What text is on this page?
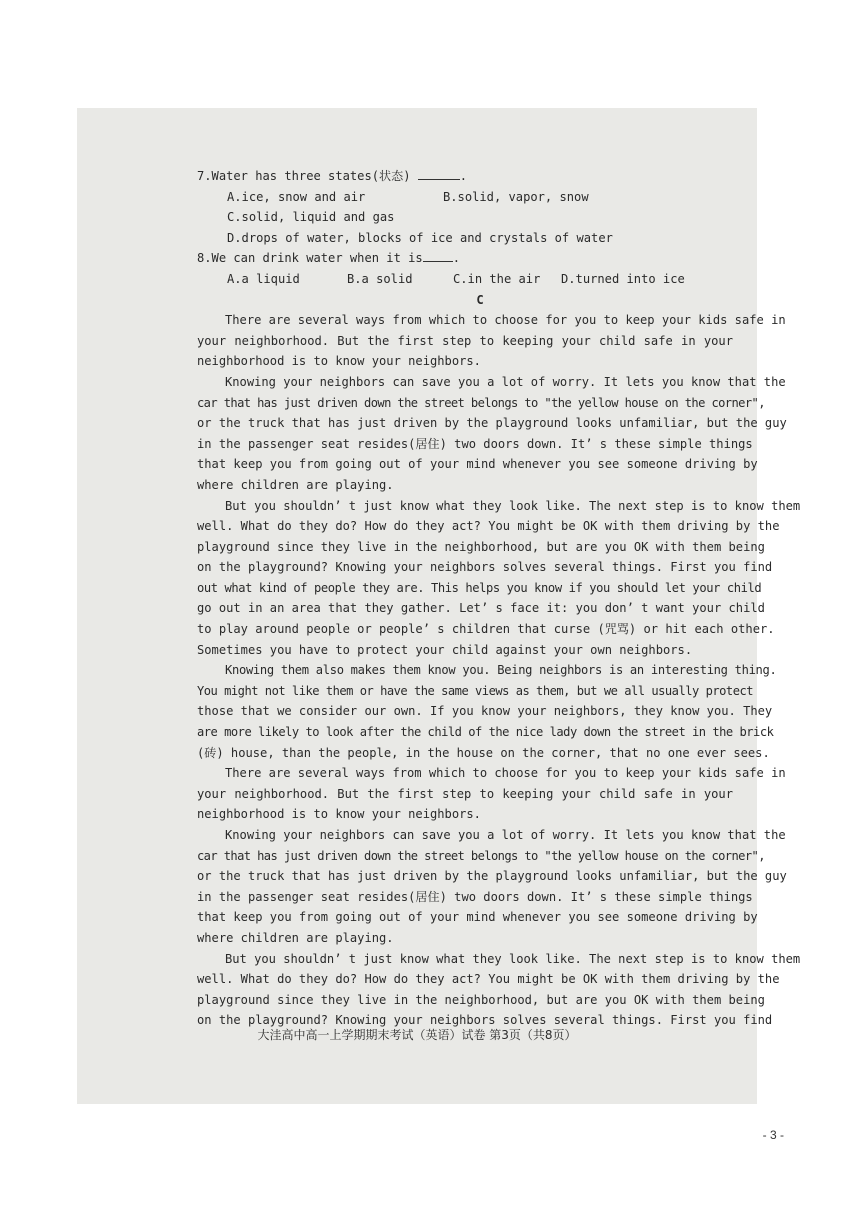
7.Water has three states(状态)	.
A.ice, snow and air	B.solid, vapor, snow
C.solid, liquid and gas
D.drops of water, blocks of ice and crystals of water
8.We can drink water when it is .
A.a liquid	B.a solid	C.in the air	D.turned into ice
C
There are several ways from which to choose for you to keep your kids safe in
your neighborhood. But the first step to keeping your child safe in your
neighborhood is to know your neighbors.
Knowing your neighbors can save you a lot of worry. It lets you know that the
car that has just driven down the street belongs to "the yellow house on the corner",
or the truck that has just driven by the playground looks unfamiliar, but the guy
in the passenger seat resides(居住) two doors down. It’ s these simple things
that keep you from going out of your mind whenever you see someone driving by
where children are playing.
But you shouldn’ t just know what they look like. The next step is to know them
well. What do they do? How do they act? You might be OK with them driving by the
playground since they live in the neighborhood, but are you OK with them being
on the playground? Knowing your neighbors solves several things. First you find
out what kind of people they are. This helps you know if you should let your child
go out in an area that they gather. Let’ s face it: you don’ t want your child
to play around people or people’ s children that curse (咒骂) or hit each other.
Sometimes you have to protect your child against your own neighbors.
Knowing them also makes them know you. Being neighbors is an interesting thing.
You might not like them or have the same views as them, but we all usually protect
those that we consider our own. If you know your neighbors, they know you. They
are more likely to look after the child of the nice lady down the street in the brick
(砖) house, than the people, in the house on the corner, that no one ever sees.
There are several ways from which to choose for you to keep your kids safe in
your neighborhood. But the first step to keeping your child safe in your
neighborhood is to know your neighbors.
Knowing your neighbors can save you a lot of worry. It lets you know that the
car that has just driven down the street belongs to "the yellow house on the corner",
or the truck that has just driven by the playground looks unfamiliar, but the guy
in the passenger seat resides(居住) two doors down. It’ s these simple things
that keep you from going out of your mind whenever you see someone driving by
where children are playing.
But you shouldn’ t just know what they look like. The next step is to know them
well. What do they do? How do they act? You might be OK with them driving by the
playground since they live in the neighborhood, but are you OK with them being
on the playground? Knowing your neighbors solves several things. First you find
大洼高中高一上学期期末考试（英语）试卷 第3页（共8页）
- 3 -
